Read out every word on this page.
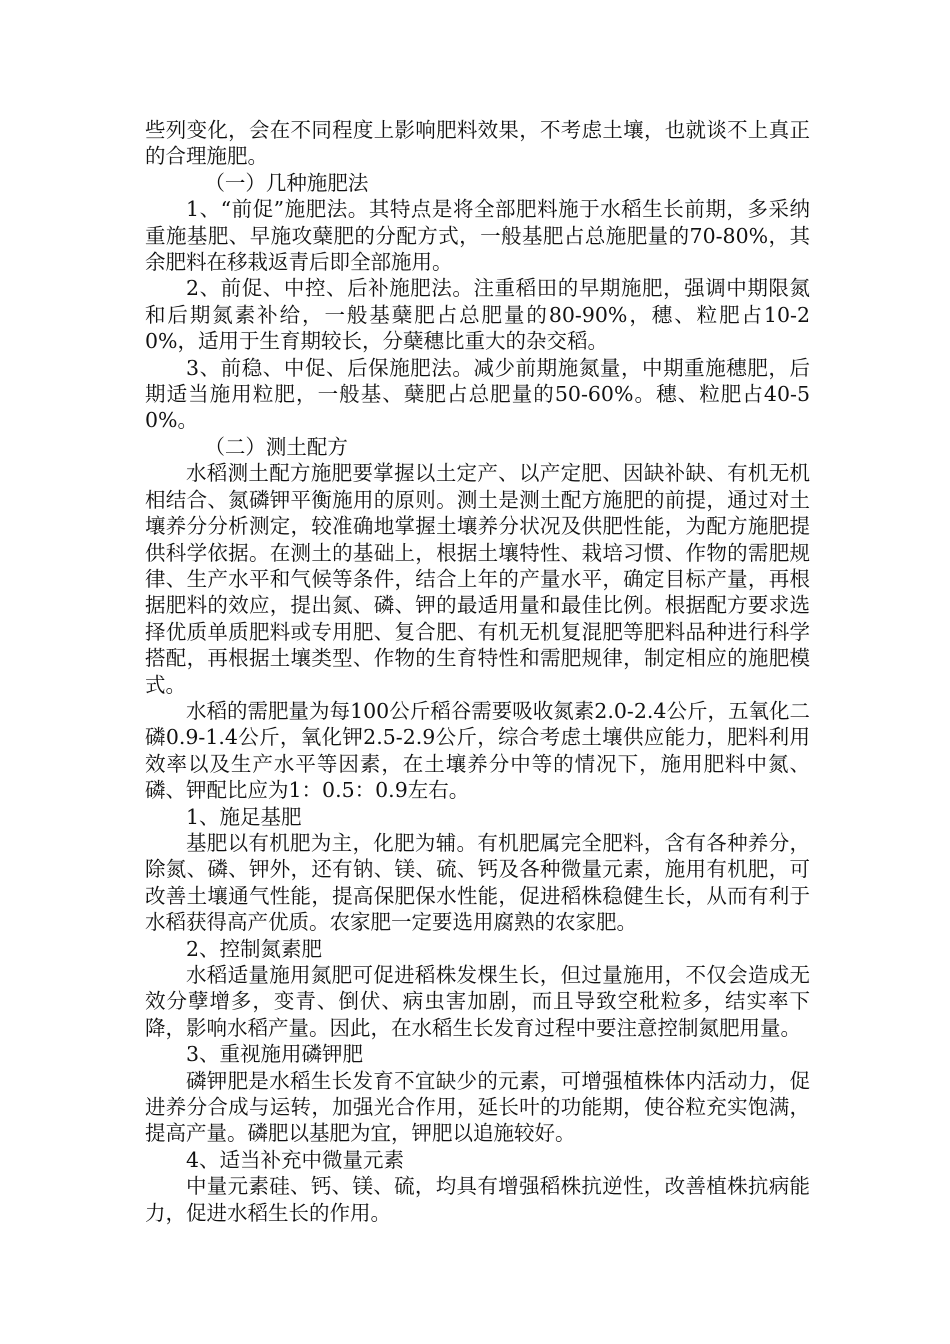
些列变化，会在不同程度上影响肥料效果，不考虑土壤，也就谈不上真正的合理施肥。

（一）几种施肥法

1、“前促”施肥法。其特点是将全部肥料施于水稻生长前期，多采纳重施基肥、早施攻蘖肥的分配方式，一般基肥占总施肥量的70-80%，其余肥料在移栽返青后即全部施用。

2、前促、中控、后补施肥法。注重稻田的早期施肥，强调中期限氮和后期氮素补给，一般基蘖肥占总肥量的80-90%，穗、粒肥占10-20%，适用于生育期较长，分蘖穗比重大的杂交稻。

3、前稳、中促、后保施肥法。减少前期施氮量，中期重施穗肥，后期适当施用粒肥，一般基、蘖肥占总肥量的50-60%。穗、粒肥占40-50%。

（二）测土配方

水稻测土配方施肥要掌握以土定产、以产定肥、因缺补缺、有机无机相结合、氮磷钾平衡施用的原则。测土是测土配方施肥的前提，通过对土壤养分分析测定，较准确地掌握土壤养分状况及供肥性能，为配方施肥提供科学依据。在测土的基础上，根据土壤特性、栽培习惯、作物的需肥规律、生产水平和气候等条件，结合上年的产量水平，确定目标产量，再根据肥料的效应，提出氮、磷、钾的最适用量和最佳比例。根据配方要求选择优质单质肥料或专用肥、复合肥、有机无机复混肥等肥料品种进行科学搭配，再根据土壤类型、作物的生育特性和需肥规律，制定相应的施肥模式。

水稻的需肥量为每100公斤稻谷需要吸收氮素2.0-2.4公斤，五氧化二磷0.9-1.4公斤，氧化钾2.5-2.9公斤，综合考虑土壤供应能力，肥料利用效率以及生产水平等因素，在土壤养分中等的情况下，施用肥料中氮、磷、钾配比应为1：0.5：0.9左右。

1、施足基肥

基肥以有机肥为主，化肥为辅。有机肥属完全肥料，含有各种养分，除氮、磷、钾外，还有钠、镁、硫、钙及各种微量元素，施用有机肥，可改善土壤通气性能，提高保肥保水性能，促进稻株稳健生长，从而有利于水稻获得高产优质。农家肥一定要选用腐熟的农家肥。

2、控制氮素肥

水稻适量施用氮肥可促进稻株发棵生长，但过量施用，不仅会造成无效分孽增多，变青、倒伏、病虫害加剧，而且导致空秕粒多，结实率下降，影响水稻产量。因此，在水稻生长发育过程中要注意控制氮肥用量。

3、重视施用磷钾肥

磷钾肥是水稻生长发育不宜缺少的元素，可增强植株体内活动力，促进养分合成与运转，加强光合作用，延长叶的功能期，使谷粒充实饱满，提高产量。磷肥以基肥为宜，钾肥以追施较好。

4、适当补充中微量元素

中量元素硅、钙、镁、硫，均具有增强稻株抗逆性，改善植株抗病能力，促进水稻生长的作用。
